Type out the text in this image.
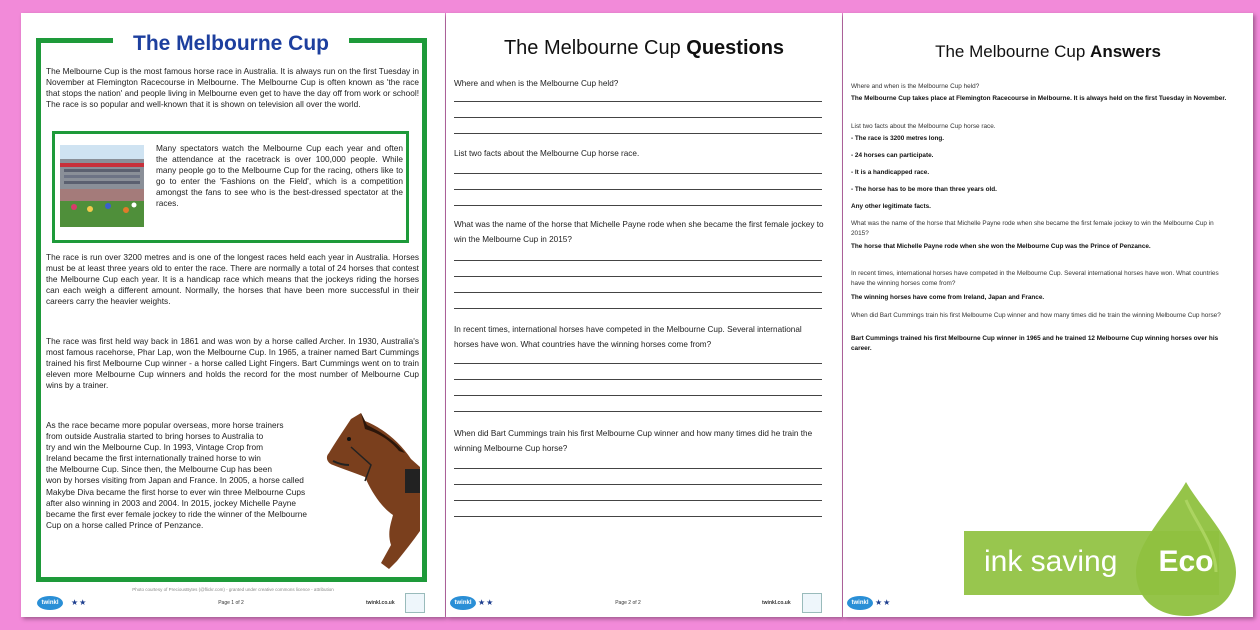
The Melbourne Cup
The Melbourne Cup is the most famous horse race in Australia. It is always run on the first Tuesday in November at Flemington Racecourse in Melbourne. The Melbourne Cup is often known as 'the race that stops the nation' and people living in Melbourne even get to have the day off from work or school! The race is so popular and well-known that it is shown on television all over the world.
Many spectators watch the Melbourne Cup each year and often the attendance at the racetrack is over 100,000 people. While many people go to the Melbourne Cup for the racing, others like to go to enter the 'Fashions on the Field', which is a competition amongst the fans to see who is the best-dressed spectator at the races.
The race is run over 3200 metres and is one of the longest races held each year in Australia. Horses must be at least three years old to enter the race. There are normally a total of 24 horses that contest the Melbourne Cup each year. It is a handicap race which means that the jockeys riding the horses can each weigh a different amount. Normally, the horses that have been more successful in their careers carry the heavier weights.
The race was first held way back in 1861 and was won by a horse called Archer. In 1930, Australia's most famous racehorse, Phar Lap, won the Melbourne Cup. In 1965, a trainer named Bart Cummings trained his first Melbourne Cup winner - a horse called Light Fingers. Bart Cummings went on to train eleven more Melbourne Cup winners and holds the record for the most number of Melbourne Cup wins by a trainer.
As the race became more popular overseas, more horse trainers
from outside Australia started to bring horses to Australia to
try and win the Melbourne Cup. In 1993, Vintage Crop from
Ireland became the first internationally trained horse to win
the Melbourne Cup. Since then, the Melbourne Cup has been
won by horses visiting from Japan and France. In 2005, a horse called
Makybe Diva became the first horse to ever win three Melbourne Cups
after also winning in 2003 and 2004. In 2015, jockey Michelle Payne
became the first ever female jockey to ride the winner of the Melbourne
Cup on a horse called Prince of Penzance.
Photo courtesy of PreciousBytes (@flickr.com) - granted under creative commons licence - attribution
twinkl	★★	Page 1 of 2	twinkl.co.uk
The Melbourne Cup Questions
Where and when is the Melbourne Cup held?
List two facts about the Melbourne Cup horse race.
What was the name of the horse that Michelle Payne rode when she became the first female jockey to win the Melbourne Cup in 2015?
In recent times, international horses have competed in the Melbourne Cup. Several international horses have won. What countries have the winning horses come from?
When did Bart Cummings train his first Melbourne Cup winner and how many times did he train the winning Melbourne Cup horse?
twinkl ★★	Page 2 of 2	twinkl.co.uk
The Melbourne Cup Answers
Where and when is the Melbourne Cup held?
The Melbourne Cup takes place at Flemington Racecourse in Melbourne. It is always held on the first Tuesday in November.
List two facts about the Melbourne Cup horse race.
- The race is 3200 metres long.
- 24 horses can participate.
- It is a handicapped race.
- The horse has to be more than three years old.
Any other legitimate facts.
What was the name of the horse that Michelle Payne rode when she became the first female jockey to win the Melbourne Cup in 2015?
The horse that Michelle Payne rode when she won the Melbourne Cup was the Prince of Penzance.
In recent times, international horses have competed in the Melbourne Cup. Several international horses have won. What countries have the winning horses come from?
The winning horses have come from Ireland, Japan and France.
When did Bart Cummings train his first Melbourne Cup winner and how many times did he train the winning Melbourne Cup horse?
Bart Cummings trained his first Melbourne Cup winner in 1965 and he trained 12 Melbourne Cup winning horses over his career.
twinkl ★★
ink saving	Eco
